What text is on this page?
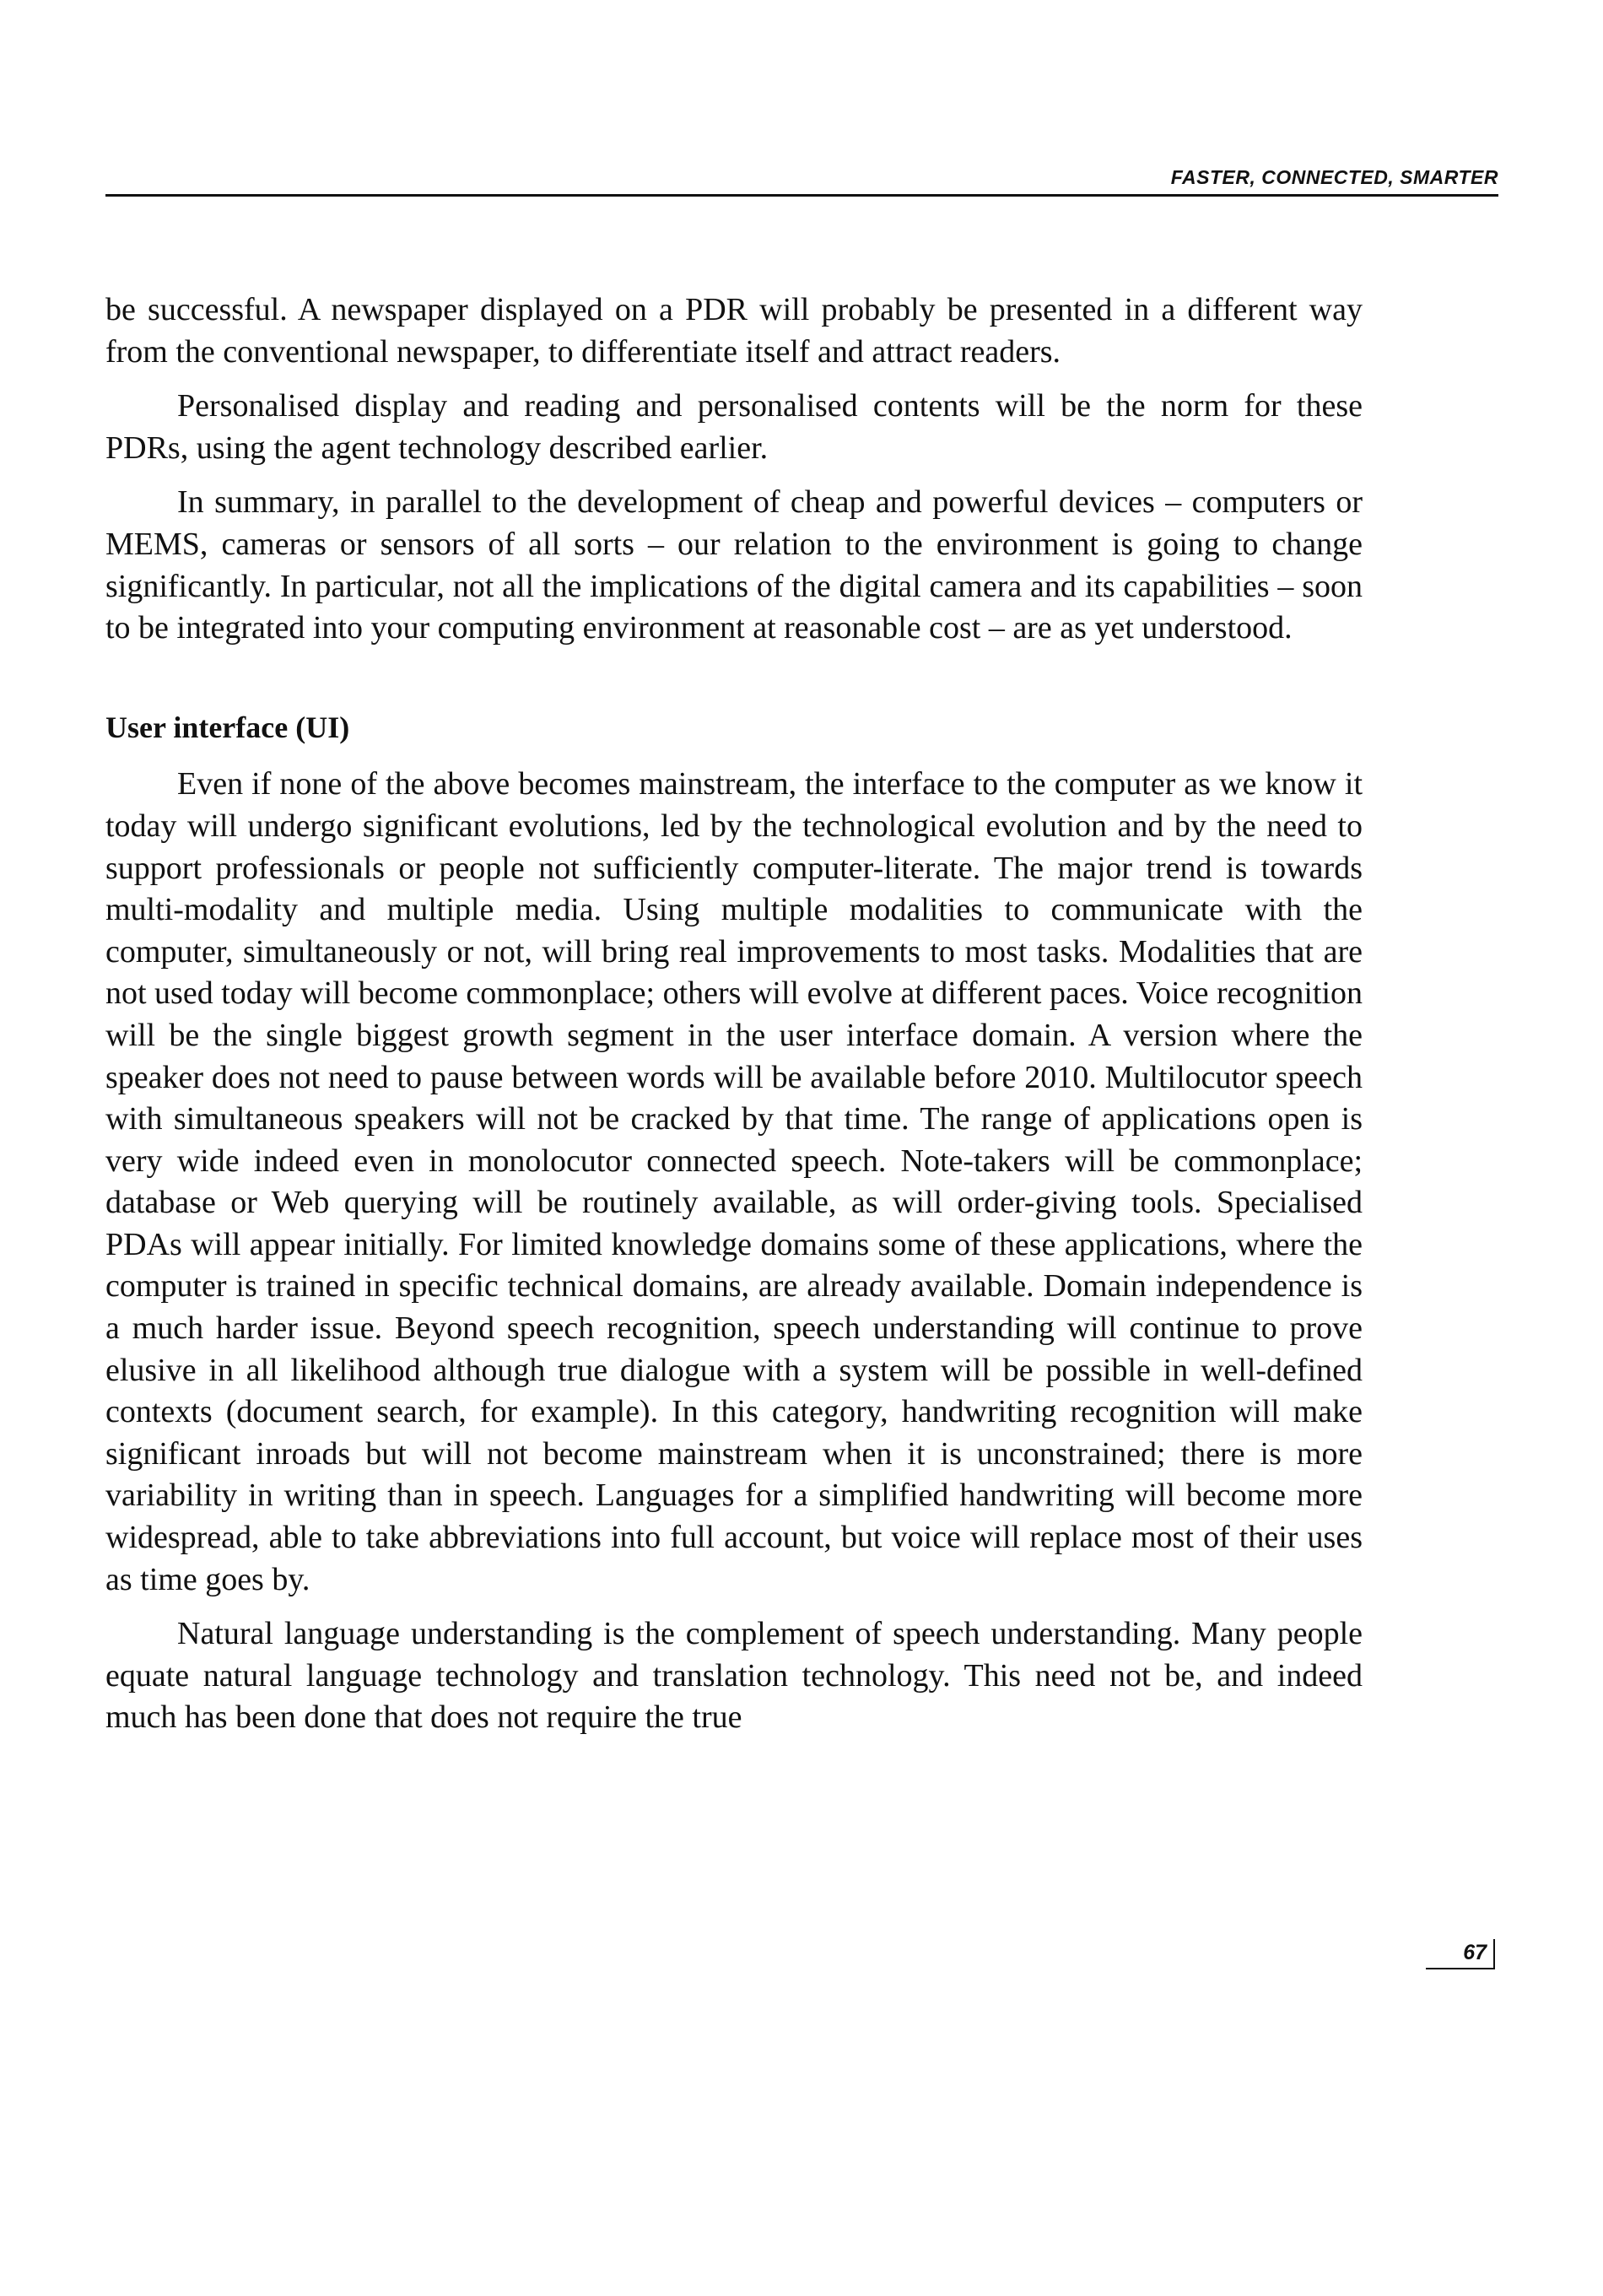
FASTER, CONNECTED, SMARTER

be successful. A newspaper displayed on a PDR will probably be presented in a different way from the conventional newspaper, to differentiate itself and attract readers.

Personalised display and reading and personalised contents will be the norm for these PDRs, using the agent technology described earlier.

In summary, in parallel to the development of cheap and powerful devices – computers or MEMS, cameras or sensors of all sorts – our relation to the environment is going to change significantly. In particular, not all the implications of the digital camera and its capabilities – soon to be integrated into your computing environment at reasonable cost – are as yet understood.

User interface (UI)

Even if none of the above becomes mainstream, the interface to the computer as we know it today will undergo significant evolutions, led by the technological evolution and by the need to support professionals or people not sufficiently computer-literate. The major trend is towards multi-modality and multiple media. Using multiple modalities to communicate with the computer, simultaneously or not, will bring real improvements to most tasks. Modalities that are not used today will become commonplace; others will evolve at different paces. Voice recognition will be the single biggest growth segment in the user interface domain. A version where the speaker does not need to pause between words will be available before 2010. Multilocutor speech with simultaneous speakers will not be cracked by that time. The range of applications open is very wide indeed even in monolocutor connected speech. Note-takers will be commonplace; database or Web querying will be routinely available, as will order-giving tools. Specialised PDAs will appear initially. For limited knowledge domains some of these applications, where the computer is trained in specific technical domains, are already available. Domain independence is a much harder issue. Beyond speech recognition, speech understanding will continue to prove elusive in all likelihood although true dialogue with a system will be possible in well-defined contexts (document search, for example). In this category, handwriting recognition will make significant inroads but will not become mainstream when it is unconstrained; there is more variability in writing than in speech. Languages for a simplified handwriting will become more widespread, able to take abbreviations into full account, but voice will replace most of their uses as time goes by.

Natural language understanding is the complement of speech understanding. Many people equate natural language technology and translation technology. This need not be, and indeed much has been done that does not require the true

67
